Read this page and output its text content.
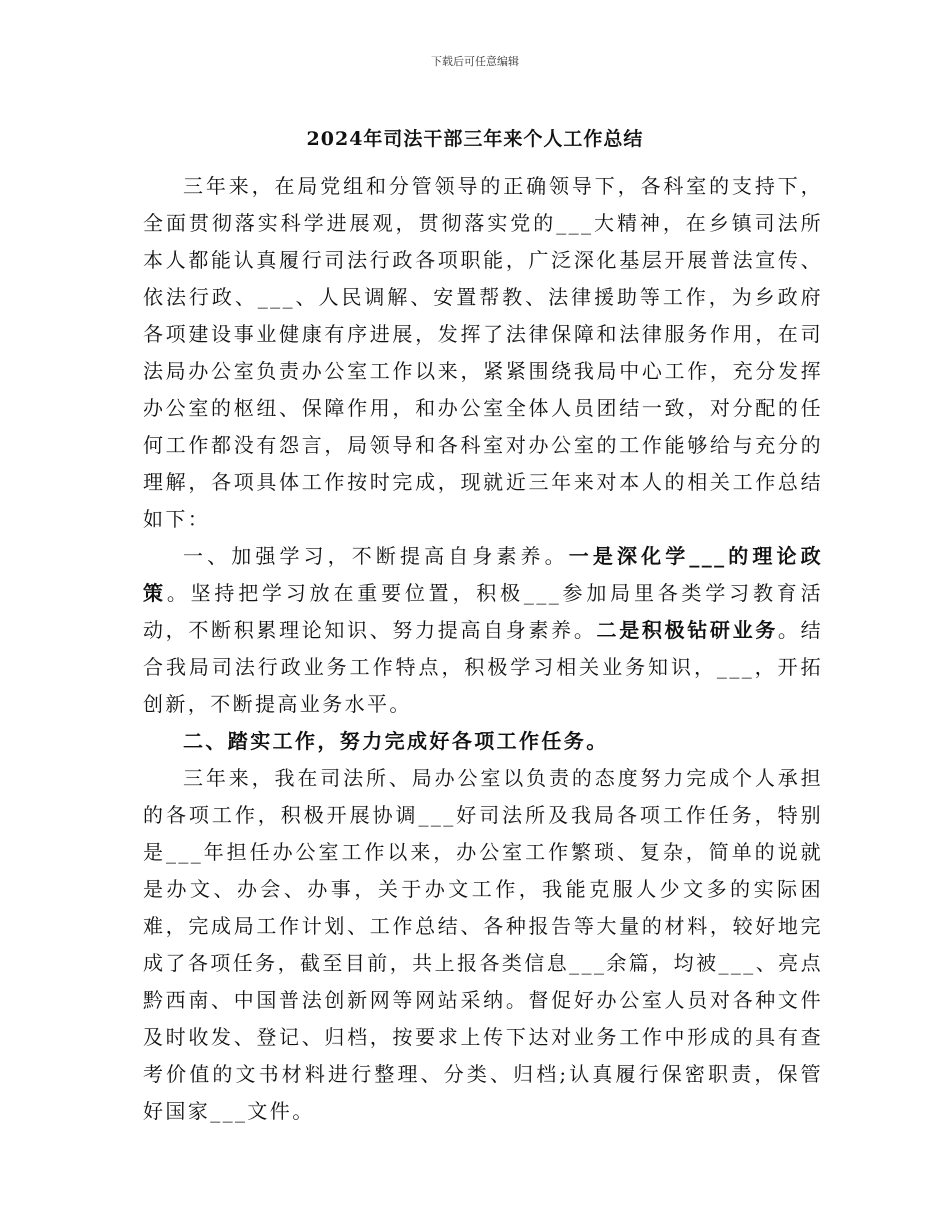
下载后可任意编辑
2024年司法干部三年来个人工作总结

三年来，在局党组和分管领导的正确领导下，各科室的支持下，全面贯彻落实科学进展观，贯彻落实党的___大精神，在乡镇司法所本人都能认真履行司法行政各项职能，广泛深化基层开展普法宣传、依法行政、___、人民调解、安置帮教、法律援助等工作，为乡政府各项建设事业健康有序进展，发挥了法律保障和法律服务作用，在司法局办公室负责办公室工作以来，紧紧围绕我局中心工作，充分发挥办公室的枢纽、保障作用，和办公室全体人员团结一致，对分配的任何工作都没有怨言，局领导和各科室对办公室的工作能够给与充分的理解，各项具体工作按时完成，现就近三年来对本人的相关工作总结如下：

一、加强学习，不断提高自身素养。一是深化学___的理论政策。坚持把学习放在重要位置，积极___参加局里各类学习教育活动，不断积累理论知识、努力提高自身素养。二是积极钻研业务。结合我局司法行政业务工作特点，积极学习相关业务知识，___，开拓创新，不断提高业务水平。

二、踏实工作，努力完成好各项工作任务。

三年来，我在司法所、局办公室以负责的态度努力完成个人承担的各项工作，积极开展协调___好司法所及我局各项工作任务，特别是___年担任办公室工作以来，办公室工作繁琐、复杂，简单的说就是办文、办会、办事，关于办文工作，我能克服人少文多的实际困难，完成局工作计划、工作总结、各种报告等大量的材料，较好地完成了各项任务，截至目前，共上报各类信息___余篇，均被___、亮点黔西南、中国普法创新网等网站采纳。督促好办公室人员对各种文件及时收发、登记、归档，按要求上传下达对业务工作中形成的具有查考价值的文书材料进行整理、分类、归档;认真履行保密职责，保管好国家___文件。
